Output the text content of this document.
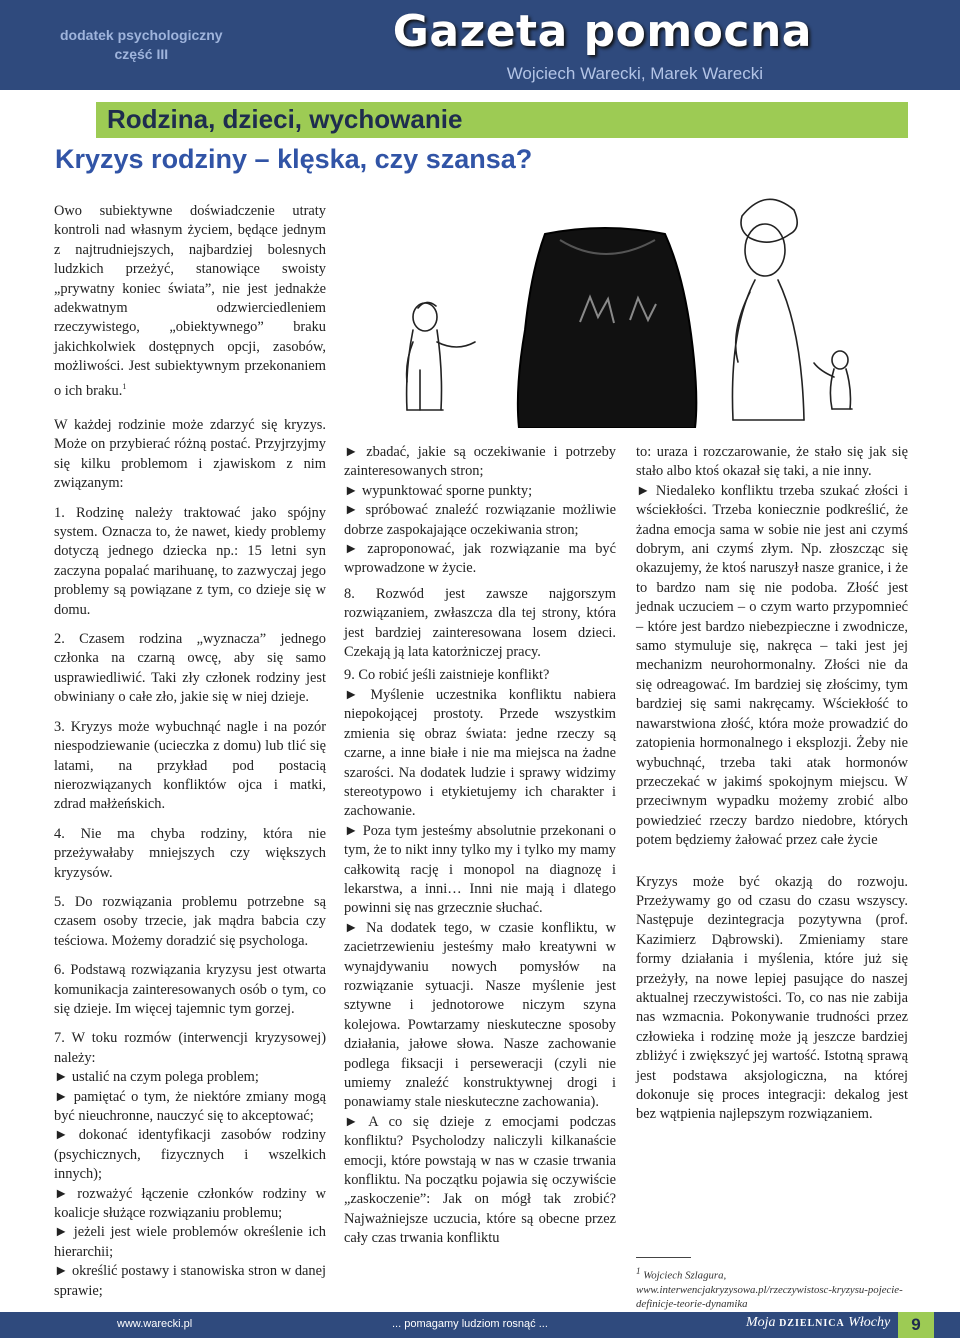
dodatek psychologiczny
część III	Gazeta pomocna
Wojciech Warecki, Marek Warecki
Rodzina, dzieci, wychowanie
Kryzys rodziny – klęska, czy szansa?
Owo subiektywne doświadczenie utraty kontroli nad własnym życiem, będące jednym z najtrudniejszych, najbardziej bolesnych ludzkich przeżyć, stanowiące swoisty „prywatny koniec świata”, nie jest jednakże adekwatnym odzwierciedleniem rzeczywistego, „obiektywnego” braku jakichkolwiek dostępnych opcji, zasobów, możliwości. Jest subiektywnym przekonaniem o ich braku.$^1$

W każdej rodzinie może zdarzyć się kryzys. Może on przybierać różną postać. Przyjrzyjmy się kilku problemom i zjawiskom z nim związanym:

1. Rodzinę należy traktować jako spójny system. Oznacza to, że nawet, kiedy problemy dotyczą jednego dziecka np.: 15 letni syn zaczyna popalać marihuanę, to zazwyczaj jego problemy są powiązane z tym, co dzieje się w domu.

2. Czasem rodzina „wyznacza” jednego członka na czarną owcę, aby się samo usprawiedliwić. Taki zły członek rodziny jest obwiniany o całe zło, jakie się w niej dzieje.

3. Kryzys może wybuchnąć nagle i na pozór niespodziewanie (ucieczka z domu) lub tlić się latami, na przykład pod postacią nierozwiązanych konfliktów ojca i matki, zdrad małżeńskich.

4. Nie ma chyba rodziny, która nie przeżywałaby mniejszych czy większych kryzysów.

5. Do rozwiązania problemu potrzebne są czasem osoby trzecie, jak mądra babcia czy teściowa. Możemy doradzić się psychologa.

6. Podstawą rozwiązania kryzysu jest otwarta komunikacja zainteresowanych osób o tym, co się dzieje. Im więcej tajemnic tym gorzej.

7. W toku rozmów (interwencji kryzysowej) należy:

► ustalić na czym polega problem;

► pamiętać o tym, że niektóre zmiany mogą być nieuchronne, nauczyć się to akceptować;

► dokonać identyfikacji zasobów rodziny (psychicznych, fizycznych i wszelkich innych);

► rozważyć łączenie członków rodziny w koalicje służące rozwiązaniu problemu;

► jeżeli jest wiele problemów określenie ich hierarchii;

► określić postawy i stanowiska stron w danej sprawie;

► zbadać, jakie są oczekiwanie i potrzeby zainteresowanych stron;

► wypunktować sporne punkty;

► spróbować znaleźć rozwiązanie możliwie dobrze zaspokajające oczekiwania stron;

► zaproponować, jak rozwiązanie ma być wprowadzone w życie.

8. Rozwód jest zawsze najgorszym rozwiązaniem, zwłaszcza dla tej strony, która jest bardziej zainteresowana losem dzieci. Czekają ją lata katorżniczej pracy.

9. Co robić jeśli zaistnieje konflikt?

► Myślenie uczestnika konfliktu nabiera niepokojącej prostoty. Przede wszystkim zmienia się obraz świata: jedne rzeczy są czarne, a inne białe i nie ma miejsca na żadne szarości. Na dodatek ludzie i sprawy widzimy stereotypowo i etykietujemy ich charakter i zachowanie.

► Poza tym jesteśmy absolutnie przekonani o tym, że to nikt inny tylko my i tylko my mamy całkowitą rację i monopol na diagnozę i lekarstwa, a inni… Inni nie mają i dlatego powinni się nas grzecznie słuchać.

► Na dodatek tego, w czasie konfliktu, w zacietrzewieniu jesteśmy mało kreatywni w wynajdywaniu nowych pomysłów na rozwiązanie sytuacji. Nasze myślenie jest sztywne i jednotorowe niczym szyna kolejowa. Powtarzamy nieskuteczne sposoby działania, jałowe słowa. Nasze zachowanie podlega fiksacji i perseweracji (czyli nie umiemy znaleźć konstruktywnej drogi i ponawiamy stale nieskuteczne zachowania).

► A co się dzieje z emocjami podczas konfliktu? Psycholodzy naliczyli kilkanaście emocji, które powstają w nas w czasie trwania konfliktu. Na początku pojawia się oczywiście „zaskoczenie”: Jak on mógł tak zrobić? Najważniejsze uczucia, które są obecne przez cały czas trwania konfliktu

to: uraza i rozczarowanie, że stało się jak się stało albo ktoś okazał się taki, a nie inny.

► Niedaleko konfliktu trzeba szukać złości i wściekłości. Trzeba koniecznie podkreślić, że żadna emocja sama w sobie nie jest ani czymś dobrym, ani czymś złym. Np. złoszcząc się okazujemy, że ktoś naruszył nasze granice, i że to bardzo nam się nie podoba. Złość jest jednak uczuciem – o czym warto przypomnieć – które jest bardzo niebezpieczne i zwodnicze, samo stymuluje się, nakręca – taki jest jej mechanizm neurohormonalny. Złości nie da się odreagować. Im bardziej się złościmy, tym bardziej się sami nakręcamy. Wściekłość to nawarstwiona złość, która może prowadzić do zatopienia hormonalnego i eksplozji. Żeby nie wybuchnąć, trzeba taki atak hormonów przeczekać w jakimś spokojnym miejscu. W przeciwnym wypadku możemy zrobić albo powiedzieć rzeczy bardzo niedobre, których potem będziemy żałować przez całe życie

Kryzys może być okazją do rozwoju. Przeżywamy go od czasu do czasu wszyscy. Następuje dezintegracja pozytywna (prof. Kazimierz Dąbrowski). Zmieniamy stare formy działania i myślenia, które już się przeżyły, na nowe lepiej pasujące do naszej aktualnej rzeczywistości. To, co nas nie zabija nas wzmacnia. Pokonywanie trudności przez człowieka i rodzinę może ją jeszcze bardziej zbliżyć i zwiększyć jej wartość. Istotną sprawą jest podstawa aksjologiczna, na której dokonuje się proces integracji: dekalog jest bez wątpienia najlepszym rozwiązaniem.

$^1$ Wojciech Szlagura, www.interwencjakryzysowa.pl/rzeczywistosc-kryzysu-pojecie-definicje-teorie-dynamika
www.warecki.pl	... pomagamy ludziom rosnąć ...	Moja DZIELNICA Włochy	9
